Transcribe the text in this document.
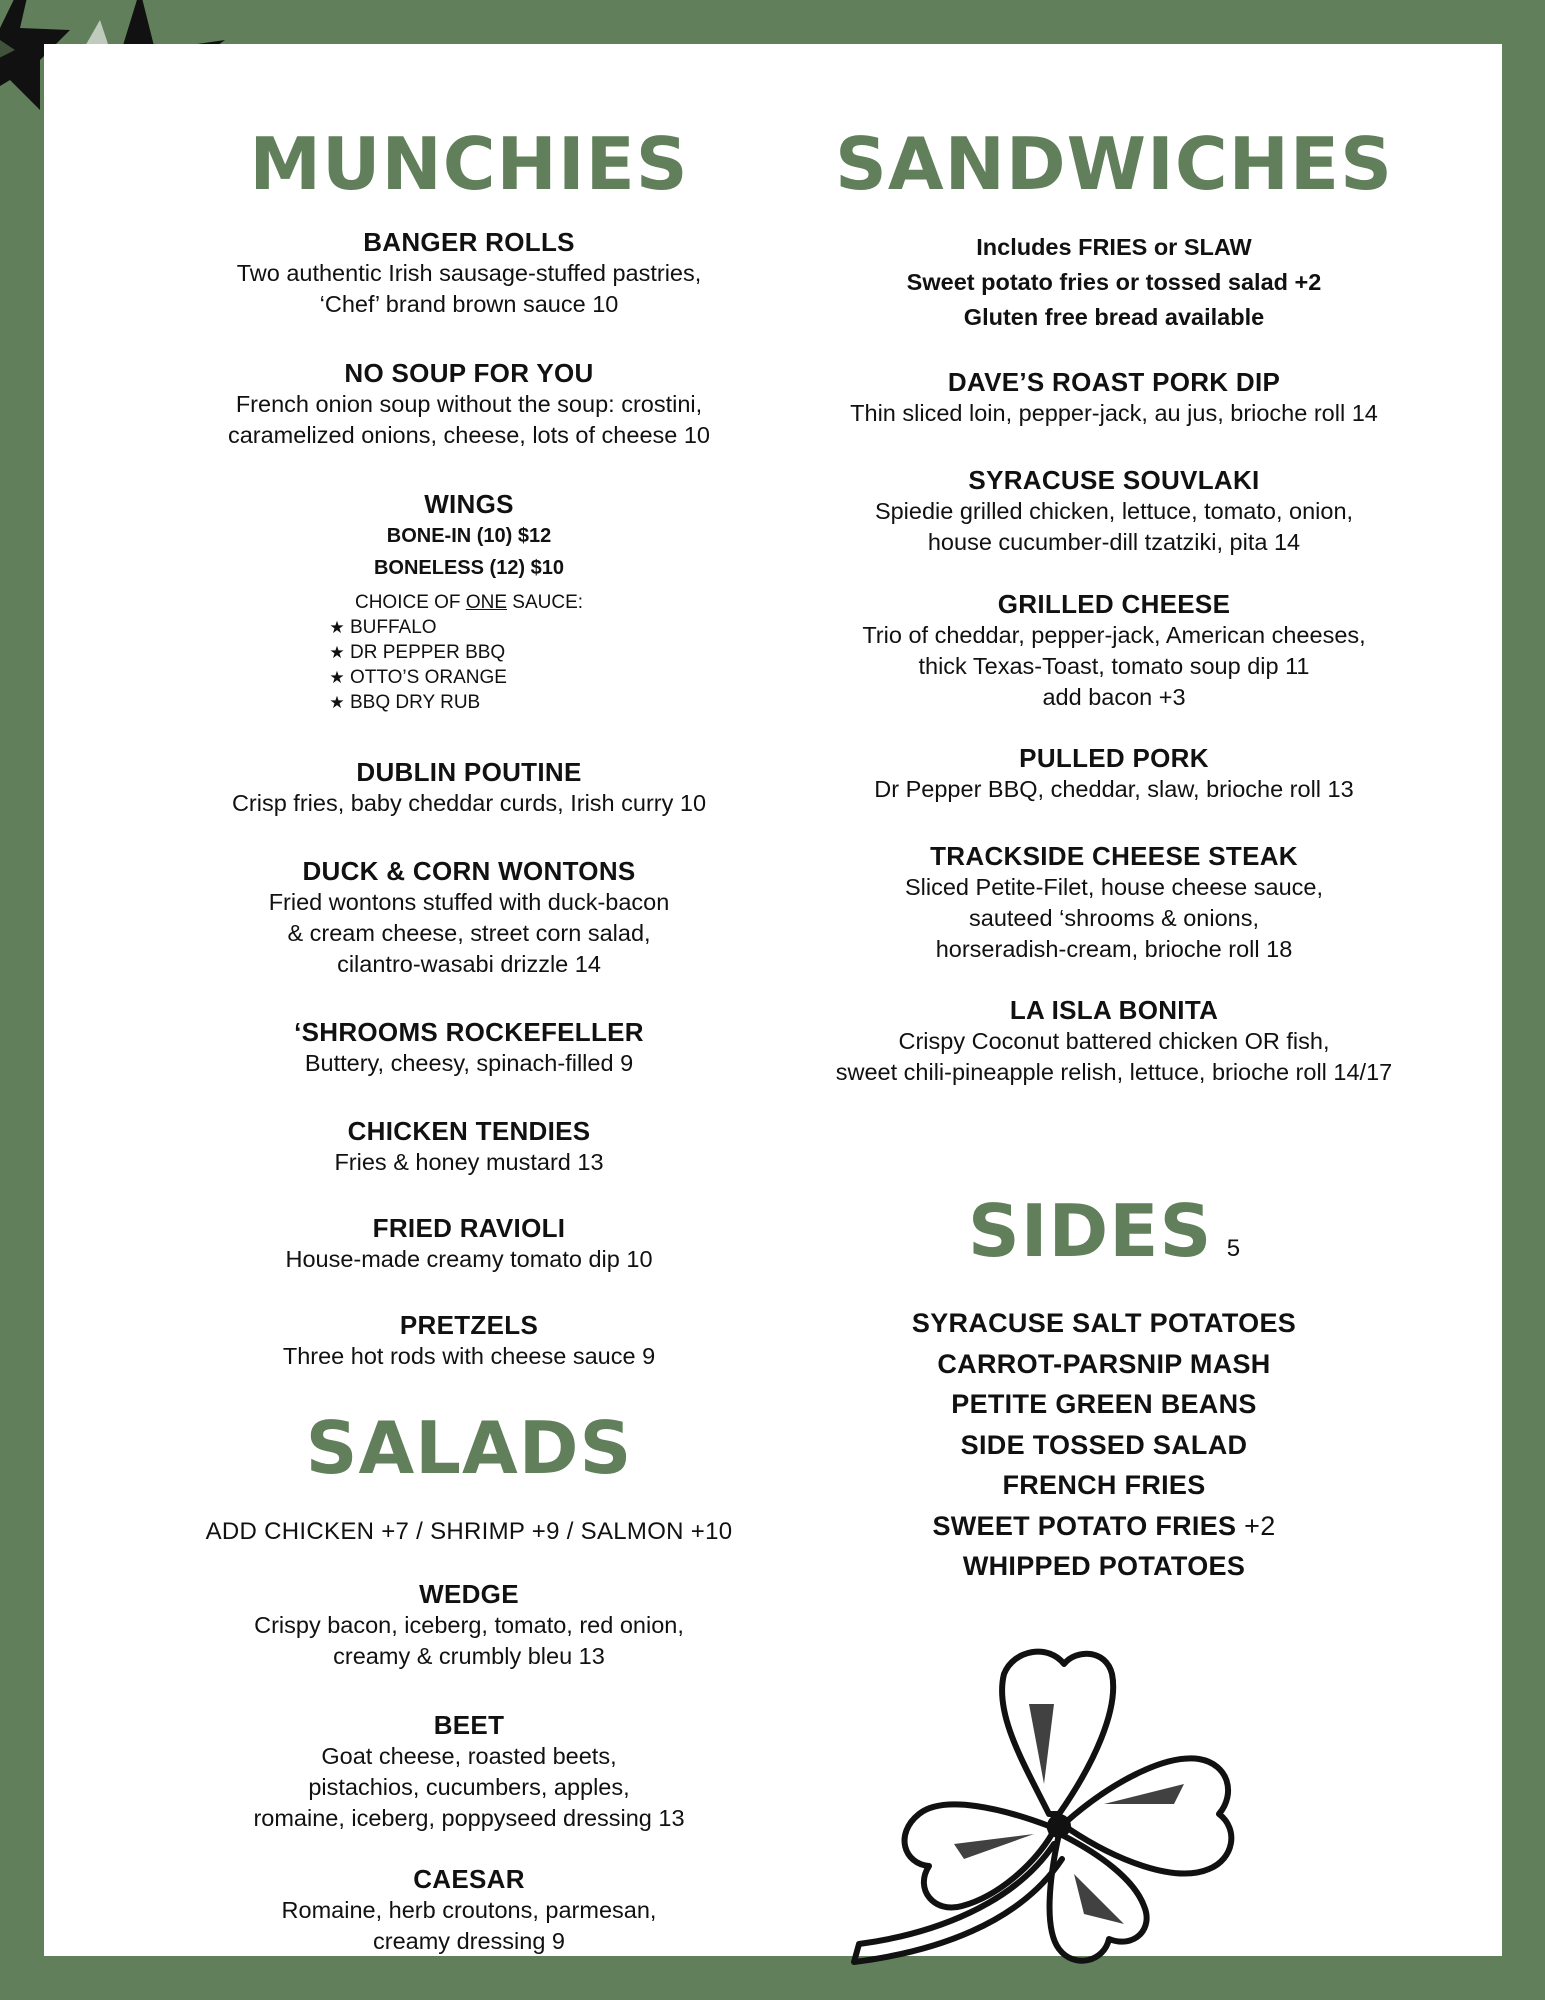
MUNCHIES
BANGER ROLLS
Two authentic Irish sausage-stuffed pastries,
‘Chef’ brand brown sauce 10
NO SOUP FOR YOU
French onion soup without the soup: crostini,
caramelized onions, cheese, lots of cheese 10
WINGS
BONE-IN (10) $12
BONELESS (12) $10
CHOICE OF ONE SAUCE:
★ BUFFALO
★ DR PEPPER BBQ
★ OTTO’S ORANGE
★ BBQ DRY RUB
DUBLIN POUTINE
Crisp fries, baby cheddar curds, Irish curry 10
DUCK & CORN WONTONS
Fried wontons stuffed with duck-bacon
& cream cheese, street corn salad,
cilantro-wasabi drizzle 14
‘SHROOMS ROCKEFELLER
Buttery, cheesy, spinach-filled 9
CHICKEN TENDIES
Fries & honey mustard 13
FRIED RAVIOLI
House-made creamy tomato dip 10
PRETZELS
Three hot rods with cheese sauce 9
SALADS
ADD CHICKEN +7 / SHRIMP +9 / SALMON +10
WEDGE
Crispy bacon, iceberg, tomato, red onion,
creamy & crumbly bleu 13
BEET
Goat cheese, roasted beets,
pistachios, cucumbers, apples,
romaine, iceberg, poppyseed dressing 13
CAESAR
Romaine, herb croutons, parmesan,
creamy dressing 9
SANDWICHES
Includes FRIES or SLAW
Sweet potato fries or tossed salad +2
Gluten free bread available
DAVE’S ROAST PORK DIP
Thin sliced loin, pepper-jack, au jus, brioche roll 14
SYRACUSE SOUVLAKI
Spiedie grilled chicken, lettuce, tomato, onion,
house cucumber-dill tzatziki, pita 14
GRILLED CHEESE
Trio of cheddar, pepper-jack, American cheeses,
thick Texas-Toast, tomato soup dip 11
add bacon +3
PULLED PORK
Dr Pepper BBQ, cheddar, slaw, brioche roll 13
TRACKSIDE CHEESE STEAK
Sliced Petite-Filet, house cheese sauce,
sauteed ‘shrooms & onions,
horseradish-cream, brioche roll 18
LA ISLA BONITA
Crispy Coconut battered chicken OR fish,
sweet chili-pineapple relish, lettuce, brioche roll 14/17
SIDES 5
SYRACUSE SALT POTATOES
CARROT-PARSNIP MASH
PETITE GREEN BEANS
SIDE TOSSED SALAD
FRENCH FRIES
SWEET POTATO FRIES +2
WHIPPED POTATOES
